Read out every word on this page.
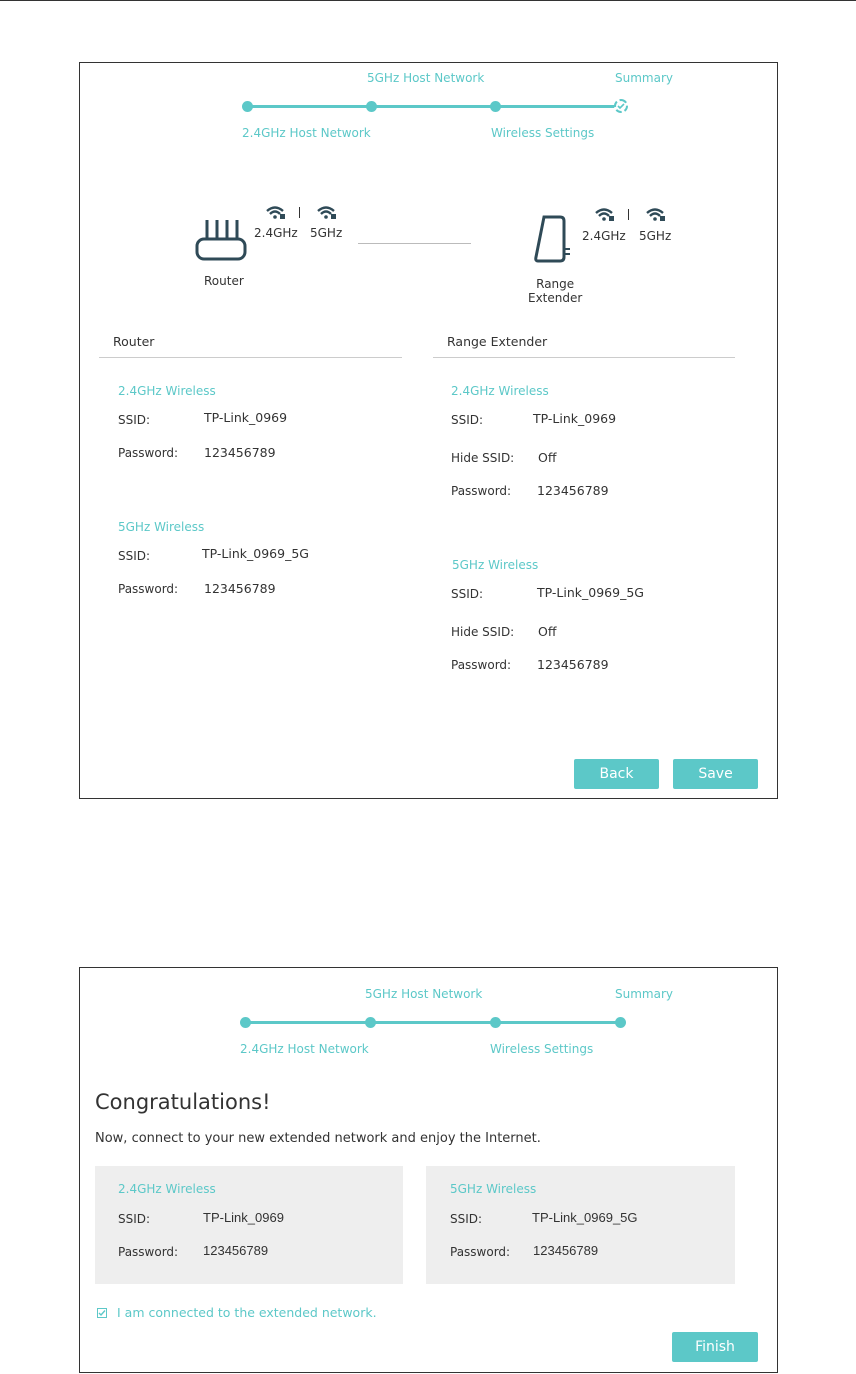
5GHz Host Network	Summary
2.4GHz Host Network	Wireless Settings
Router
2.4GHz 5GHz
Range
Extender
2.4GHz 5GHz
Router	Range Extender
2.4GHz Wireless
SSID:	TP-Link_0969
Password: 123456789
5GHz Wireless
SSID:	TP-Link_0969_5G
Password: 123456789
2.4GHz Wireless
SSID:	TP-Link_0969
Hide SSID: Off
Password: 123456789
5GHz Wireless
SSID:	TP-Link_0969_5G
Hide SSID: Off
Password: 123456789
Back	Save
5GHz Host Network	Summary
2.4GHz Host Network	Wireless Settings
Congratulations!
Now, connect to your new extended network and enjoy the Internet.
2.4GHz Wireless
SSID:	TP-Link_0969
Password: 123456789
5GHz Wireless
SSID:	TP-Link_0969_5G
Password: 123456789
I am connected to the extended network.
Finish
